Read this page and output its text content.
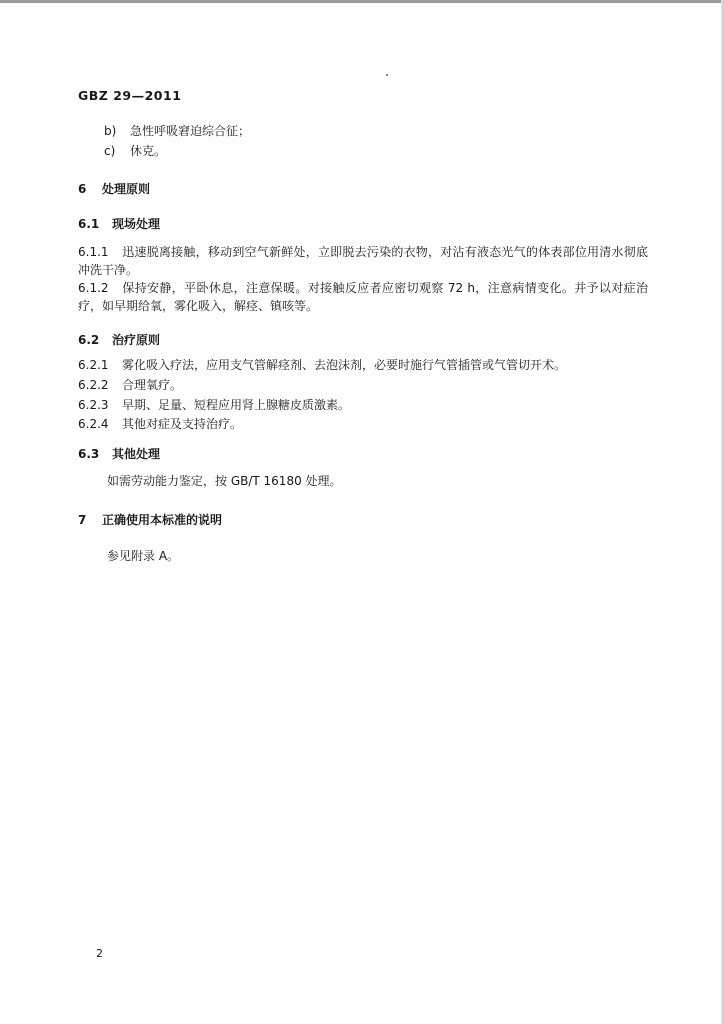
GBZ 29—2011
b) 急性呼吸窘迫综合征；
c) 休克。
6 处理原则
6.1 现场处理
6.1.1 迅速脱离接触，移动到空气新鲜处，立即脱去污染的衣物，对沾有液态光气的体表部位用清水彻底冲洗干净。
6.1.2 保持安静，平卧休息，注意保暖。对接触反应者应密切观察 72 h，注意病情变化。并予以对症治疗，如早期给氧，雾化吸入，解痉、镇咳等。
6.2 治疗原则
6.2.1 雾化吸入疗法，应用支气管解痉剂、去泡沫剂，必要时施行气管插管或气管切开术。
6.2.2 合理氧疗。
6.2.3 早期、足量、短程应用肾上腺糖皮质激素。
6.2.4 其他对症及支持治疗。
6.3 其他处理
如需劳动能力鉴定，按 GB/T 16180 处理。
7 正确使用本标准的说明
参见附录 A。
2
